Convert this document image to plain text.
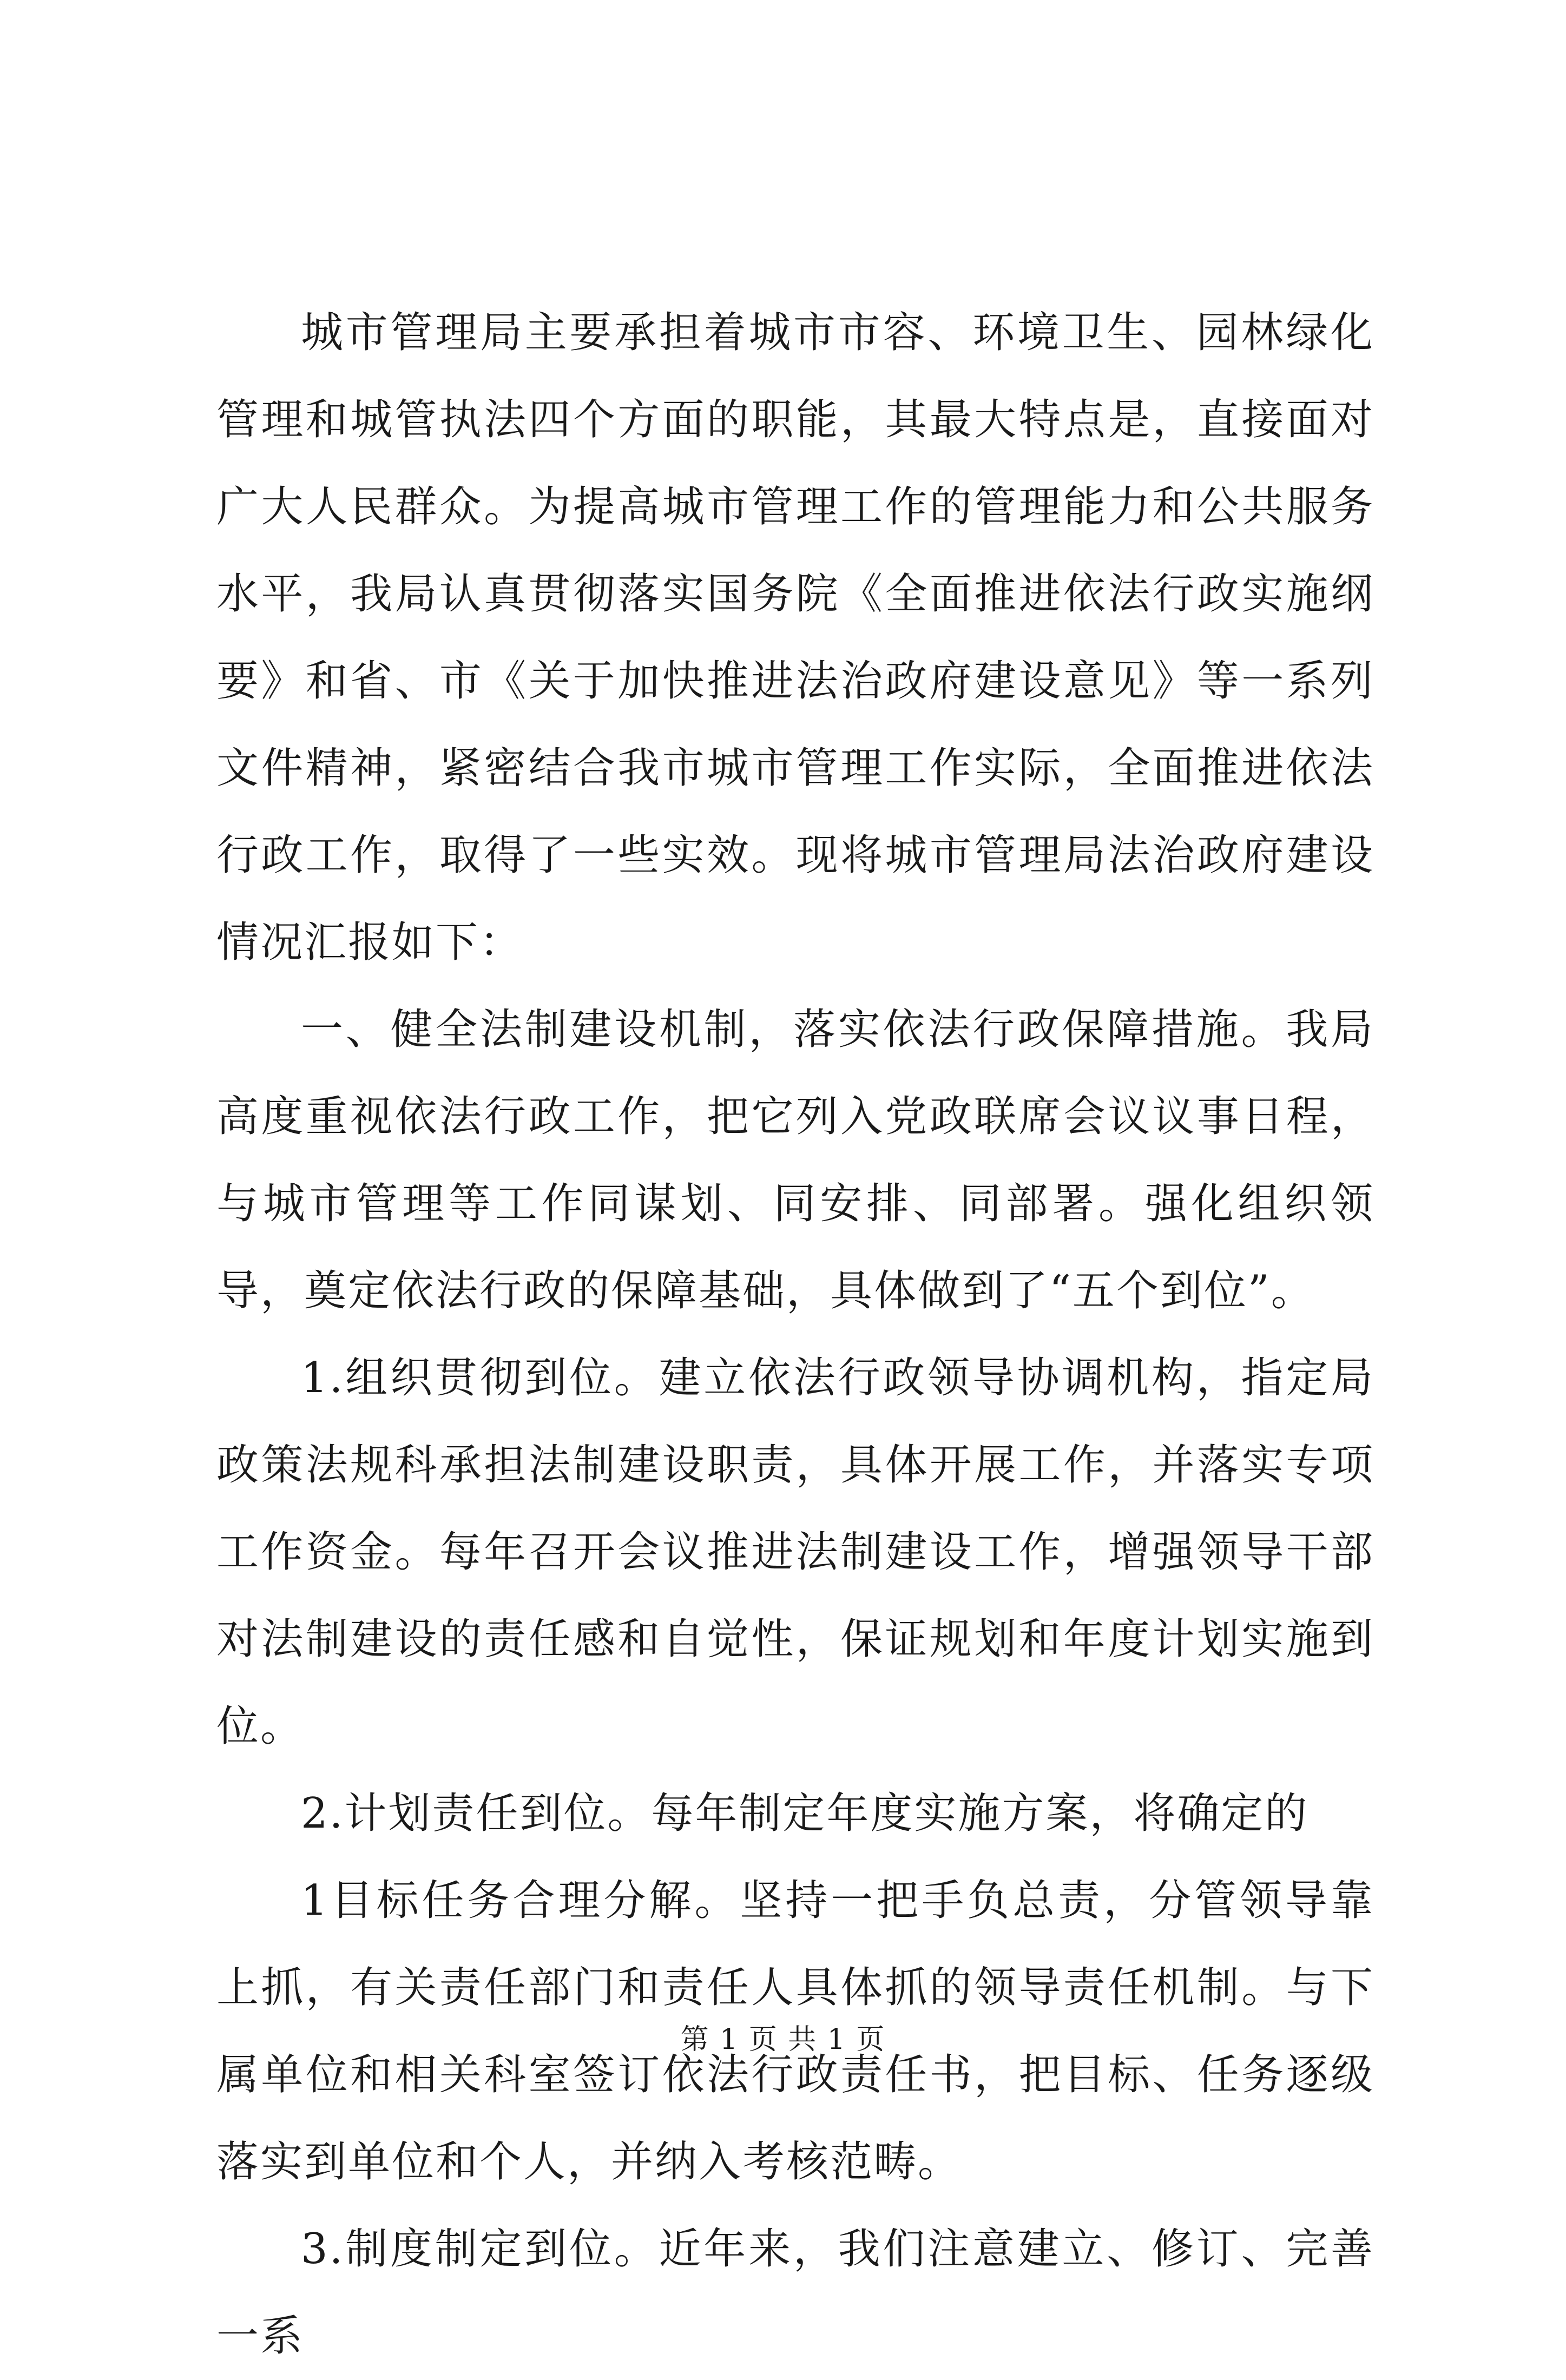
城市管理局主要承担着城市市容、环境卫生、园林绿化管理和城管执法四个方面的职能，其最大特点是，直接面对广大人民群众。为提高城市管理工作的管理能力和公共服务水平，我局认真贯彻落实国务院《全面推进依法行政实施纲要》和省、市《关于加快推进法治政府建设意见》等一系列文件精神，紧密结合我市城市管理工作实际，全面推进依法行政工作，取得了一些实效。现将城市管理局法治政府建设情况汇报如下：

一、健全法制建设机制，落实依法行政保障措施。我局高度重视依法行政工作，把它列入党政联席会议议事日程，与城市管理等工作同谋划、同安排、同部署。强化组织领导，奠定依法行政的保障基础，具体做到了“五个到位”。

1.组织贯彻到位。建立依法行政领导协调机构，指定局政策法规科承担法制建设职责，具体开展工作，并落实专项工作资金。每年召开会议推进法制建设工作，增强领导干部对法制建设的责任感和自觉性，保证规划和年度计划实施到位。

2.计划责任到位。每年制定年度实施方案，将确定的

1目标任务合理分解。坚持一把手负总责，分管领导靠上抓，有关责任部门和责任人具体抓的领导责任机制。与下属单位和相关科室签订依法行政责任书，把目标、任务逐级落实到单位和个人，并纳入考核范畴。

3.制度制定到位。近年来，我们注意建立、修订、完善一系

第 1 页 共 1 页
